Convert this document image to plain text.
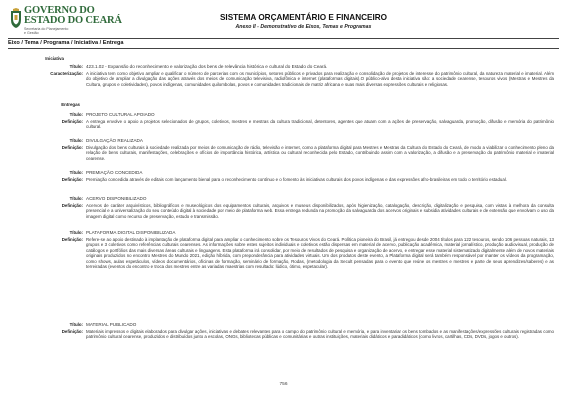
GOVERNO DO
ESTADO DO CEARÁ
Secretaria do Planejamento
e Gestão
SISTEMA ORÇAMENTÁRIO E FINANCEIRO
Anexo II - Demonstrativo de Eixos, Temas e Programas
Eixo / Tema / Programa / Iniciativa / Entrega
Iniciativa
Título: 423.1.02 - Expansão do reconhecimento e valorização dos bens de relevância histórica e cultural do Estado do Ceará.
Caracterização: A iniciativa tem como objetivo ampliar e qualificar o número de parcerias com os municípios, setores públicos e privados para realização e consolidação de projetos de interesse do patrimônio cultural, da natureza material e imaterial. Além do objetivo de ampliar a divulgação das ações através dos meios de comunicação televisiva, radiofônica e internet (plataformas digitais).O público-alvo desta iniciativa são: a sociedade cearense, tesouros vivos (Mestras e Mestres da Cultura, grupos e coletividades), povos indígenas, comunidades quilombolas, povos e comunidades tradicionais de matriz africana e suas mais diversas expressões culturais e religiosas.
Entregas
Título: PROJETO CULTURAL APOIADO
Definição: A entrega envolve o apoio a projetos selecionados de grupos, coletivos, mestres e mestras da cultura tradicional, detentores, agentes que atuam com a ações de preservação, salvaguarda, promoção, difusão e memória do patrimônio cultural.
Título: DIVULGAÇÃO REALIZADA
Definição: Divulgação dos bens culturais à sociedade realizada por meios de comunicação de rádio, televisão e internet, como a plataforma digital para Mestres e Mestras da Cultura do Estado do Ceará, de modo a viabilizar o conhecimento pleno da relação de bens culturais, manifestações, celebrações e ofícios de importância histórica, artística ou cultural reconhecida pelo Estado, contribuindo assim com a valorização, a difusão e a preservação do patrimônio material e imaterial cearense.
Título: PREMIAÇÃO CONCEDIDA
Definição: Premiação concedida através de editais com lançamento bienal para o reconhecimento contínuo e o fomento às iniciativas culturais dos povos indígenas e das expressões afro-brasileiras em todo o território estadual.
Título: ACERVO DISPONIBILIZADO
Definição: Acervos de caráter arquivísticos, bibliográficos e museológicos dos equipamentos culturais, arquivos e museus disponibilizados, após higienização, catalogação, descrição, digitalização e pesquisa, com vistas à melhora da consulta presencial e a universalização do seu conteúdo digital à sociedade por meio de plataforma web. Essa entrega redunda na promoção da salvaguarda dos acervos originais e subsidia atividades culturais e de extensão que envolvam o uso da imagem digital como recurso de preservação, estudo e transmissão.
Título: PLATAFORMA DIGITAL DISPONIBILIZADA
Definição: Refere-se ao apoio destinado à implantação de plataforma digital para ampliar o conhecimento sobre os Tesouros Vivos do Ceará. Política pioneira do Brasil, já entregou desde 2004 títulos para 122 tesouros, sendo 106 pessoas naturais, 13 grupos e 3 coletivos como referências culturais cearenses. As informações sobre estes sujeitos individuais e coletivos estão dispersas em material de acervo, publicação acadêmica, material jornalístico, produção audiovisual, produção de catálogos e portfólios das mais diversas áreas culturais e linguagens. Esta plataforma irá consolidar, por meio de resultados de pesquisa e organização de acervo, e entregar esse material sistematizado digitalmente além de novos materiais originais produzidos no encontro Mestres do Mundo 2021, edição híbrida, com preponderância para atividades virtuais. Um dos produtos deste evento, a Plataforma digital será também responsável por manter os vídeos da programação, como shows, aulas espetáculos, vídeos documentários, ofícinas de formação, seminário de formação, Rodas, (metodologia da Secult pensadas para o evento que reúne os mestres e mestres e parte de seus aprendizes/saberes) e as terreiradas (eventos do encontro e troca dos mestres entre as variadas maestrias com resultado: lúdico, ótimo, espetacular).
Título: MATERIAL PUBLICADO
Definição: Materiais impressos e digitais elaborados para divulgar ações, iniciativas e debates relevantes para o campo do patrimônio cultural e memória, e para inventariar os bens tombados e as manifestações/expressões culturais registradas como patrimônio cultural cearense, produzidos e distribuídos junto a escolas, ONGs, bibliotecas públicas e comunitárias e outras instituições, materiais didáticos e paradidáticos (como livros, cartilhas, CDs, DVDs, jogos e outros).
756
